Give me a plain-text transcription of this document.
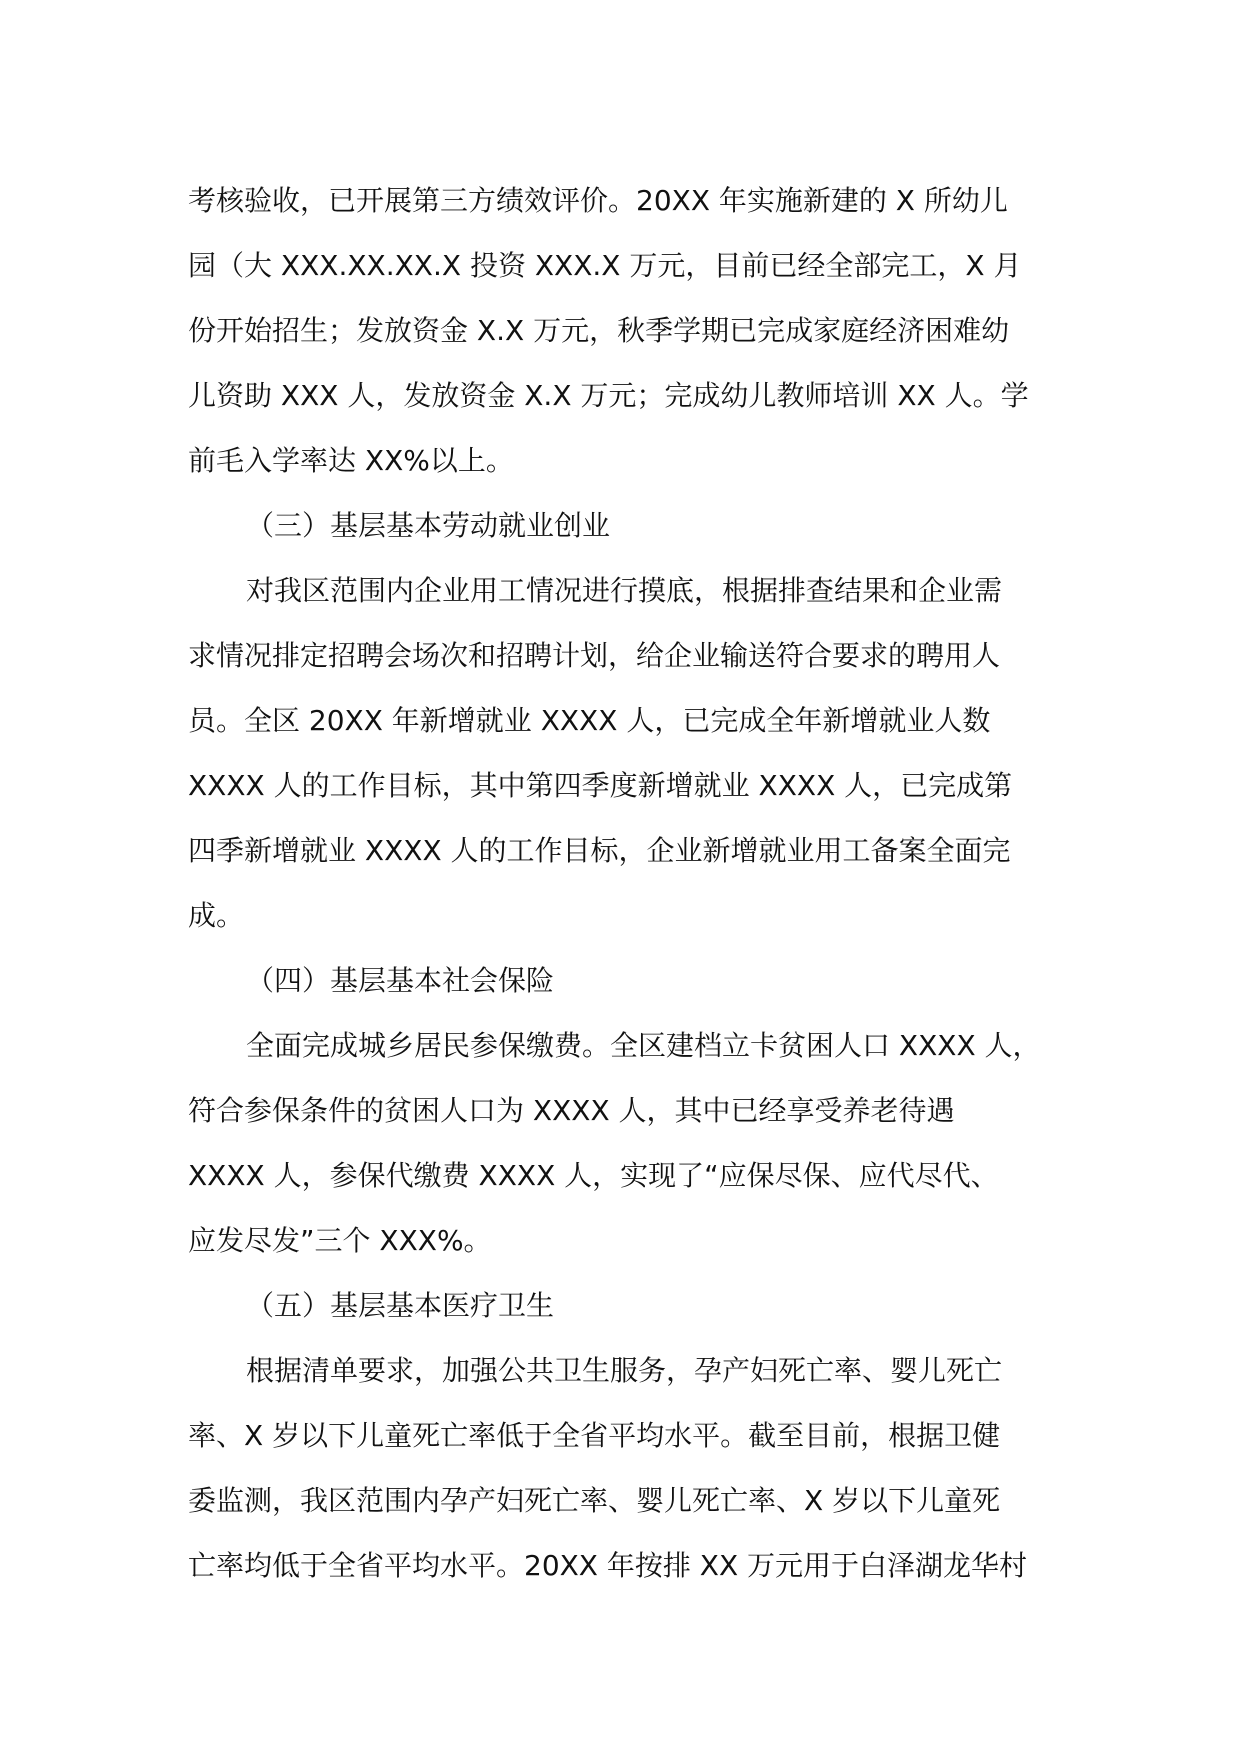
考核验收，已开展第三方绩效评价。20XX 年实施新建的 X 所幼儿
园（大 XXX.XX.XX.X 投资 XXX.X 万元，目前已经全部完工，X 月
份开始招生；发放资金 X.X 万元，秋季学期已完成家庭经济困难幼
儿资助 XXX 人，发放资金 X.X 万元；完成幼儿教师培训 XX 人。学
前毛入学率达 XX%以上。
（三）基层基本劳动就业创业
对我区范围内企业用工情况进行摸底，根据排查结果和企业需
求情况排定招聘会场次和招聘计划，给企业输送符合要求的聘用人
员。全区 20XX 年新增就业 XXXX 人，已完成全年新增就业人数
XXXX 人的工作目标，其中第四季度新增就业 XXXX 人，已完成第
四季新增就业 XXXX 人的工作目标，企业新增就业用工备案全面完
成。
（四）基层基本社会保险
全面完成城乡居民参保缴费。全区建档立卡贫困人口 XXXX 人，
符合参保条件的贫困人口为 XXXX 人，其中已经享受养老待遇
XXXX 人，参保代缴费 XXXX 人，实现了“应保尽保、应代尽代、
应发尽发”三个 XXX%。
（五）基层基本医疗卫生
根据清单要求，加强公共卫生服务，孕产妇死亡率、婴儿死亡
率、X 岁以下儿童死亡率低于全省平均水平。截至目前，根据卫健
委监测，我区范围内孕产妇死亡率、婴儿死亡率、X 岁以下儿童死
亡率均低于全省平均水平。20XX 年按排 XX 万元用于白泽湖龙华村
